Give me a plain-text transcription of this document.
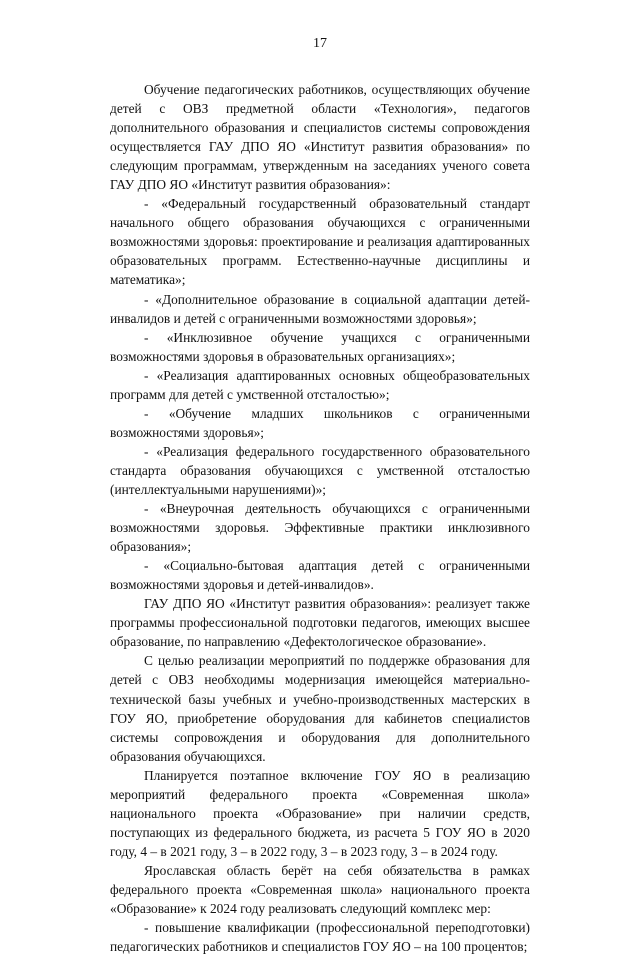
17

Обучение педагогических работников, осуществляющих обучение детей с ОВЗ предметной области «Технология», педагогов дополнительного образования и специалистов системы сопровождения осуществляется ГАУ ДПО ЯО «Институт развития образования» по следующим программам, утвержденным на заседаниях ученого совета ГАУ ДПО ЯО «Институт развития образования»:

- «Федеральный государственный образовательный стандарт начального общего образования обучающихся с ограниченными возможностями здоровья: проектирование и реализация адаптированных образовательных программ. Естественно-научные дисциплины и математика»;

- «Дополнительное образование в социальной адаптации детей-инвалидов и детей с ограниченными возможностями здоровья»;

- «Инклюзивное обучение учащихся с ограниченными возможностями здоровья в образовательных организациях»;

- «Реализация адаптированных основных общеобразовательных программ для детей с умственной отсталостью»;

- «Обучение младших школьников с ограниченными возможностями здоровья»;

- «Реализация федерального государственного образовательного стандарта образования обучающихся с умственной отсталостью (интеллектуальными нарушениями)»;

- «Внеурочная деятельность обучающихся с ограниченными возможностями здоровья. Эффективные практики инклюзивного образования»;

- «Социально-бытовая адаптация детей с ограниченными возможностями здоровья и детей-инвалидов».

ГАУ ДПО ЯО «Институт развития образования»: реализует также программы профессиональной подготовки педагогов, имеющих высшее образование, по направлению «Дефектологическое образование».

С целью реализации мероприятий по поддержке образования для детей с ОВЗ необходимы модернизация имеющейся материально-технической базы учебных и учебно-производственных мастерских в ГОУ ЯО, приобретение оборудования для кабинетов специалистов системы сопровождения и оборудования для дополнительного образования обучающихся.

Планируется поэтапное включение ГОУ ЯО в реализацию мероприятий федерального проекта «Современная школа» национального проекта «Образование» при наличии средств, поступающих из федерального бюджета, из расчета 5 ГОУ ЯО в 2020 году, 4 – в 2021 году, 3 – в 2022 году, 3 – в 2023 году, 3 – в 2024 году.

Ярославская область берёт на себя обязательства в рамках федерального проекта «Современная школа» национального проекта «Образование» к 2024 году реализовать следующий комплекс мер:

- повышение квалификации (профессиональной переподготовки) педагогических работников и специалистов ГОУ ЯО – на 100 процентов;
